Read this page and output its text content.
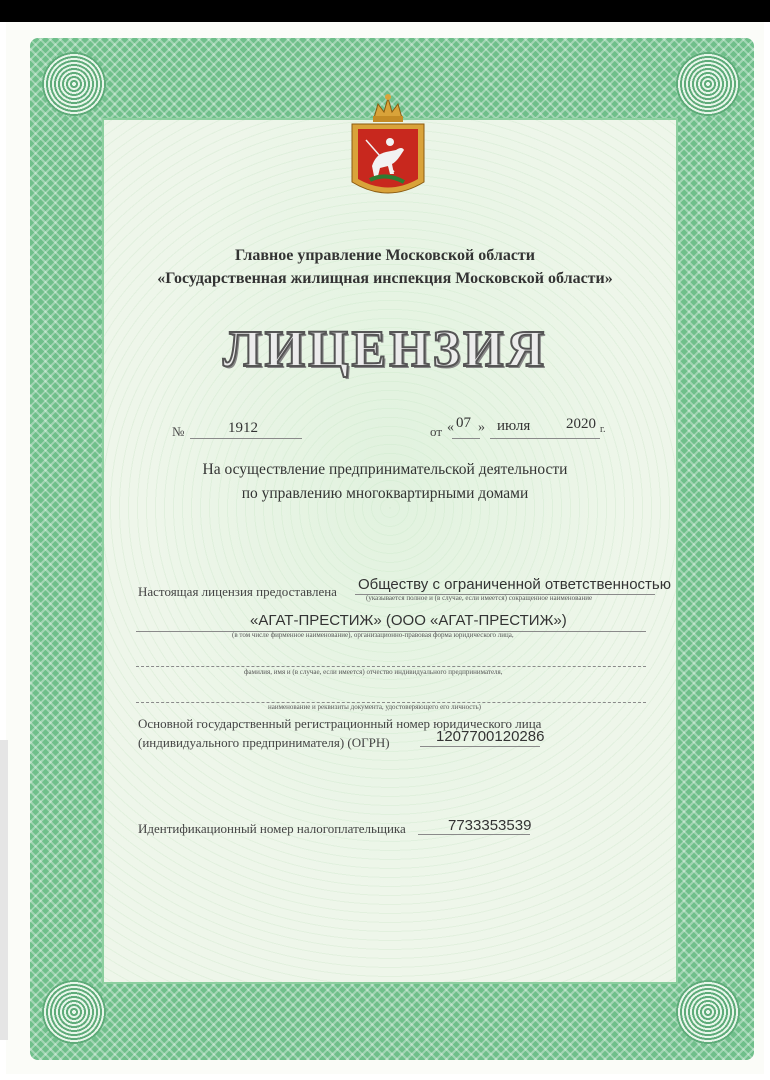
Главное управление Московской области
«Государственная жилищная инспекция Московской области»
ЛИЦЕНЗИЯ
№	1912	от « 07 » июля 2020 г.
На осуществление предпринимательской деятельности
по управлению многоквартирными домами
Настоящая лицензия предоставлена Обществу с ограниченной ответственностью
(указывается полное и (в случае, если имеется) сокращенное наименование
«АГАТ-ПРЕСТИЖ» (ООО «АГАТ-ПРЕСТИЖ»)
(в том числе фирменное наименование), организационно-правовая форма юридического лица,
фамилия, имя и (в случае, если имеется) отчество индивидуального предпринимателя,
наименование и реквизиты документа, удостоверяющего его личность)
Основной государственный регистрационный номер юридического лица
(индивидуального предпринимателя) (ОГРН)	1207700120286
Идентификационный номер налогоплательщика	7733353539
